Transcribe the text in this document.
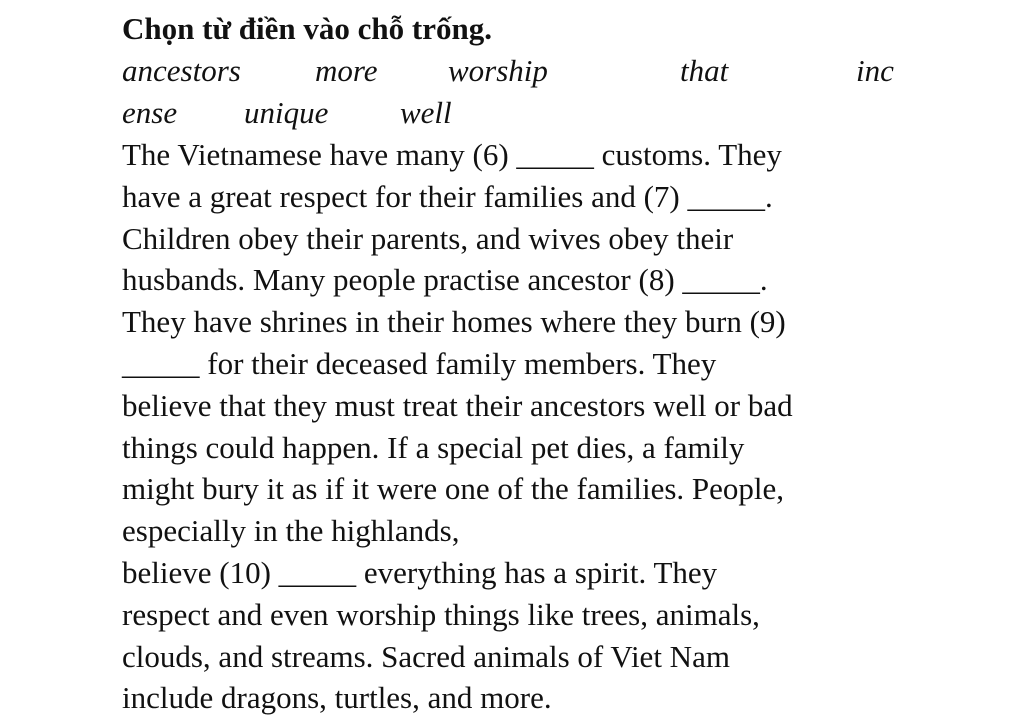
Chọn từ điền vào chỗ trống.
ancestors more worship	that	inc
ense unique well
The Vietnamese have many (6) _____ customs. They
have a great respect for their families and (7) _____.
Children obey their parents, and wives obey their
husbands. Many people practise ancestor (8) _____.
They have shrines in their homes where they burn (9)
_____ for their deceased family members. They
believe that they must treat their ancestors well or bad
things could happen. If a special pet dies, a family
might bury it as if it were one of the families. People,
especially in the highlands,
believe (10) _____ everything has a spirit. They
respect and even worship things like trees, animals,
clouds, and streams. Sacred animals of Viet Nam
include dragons, turtles, and more.
